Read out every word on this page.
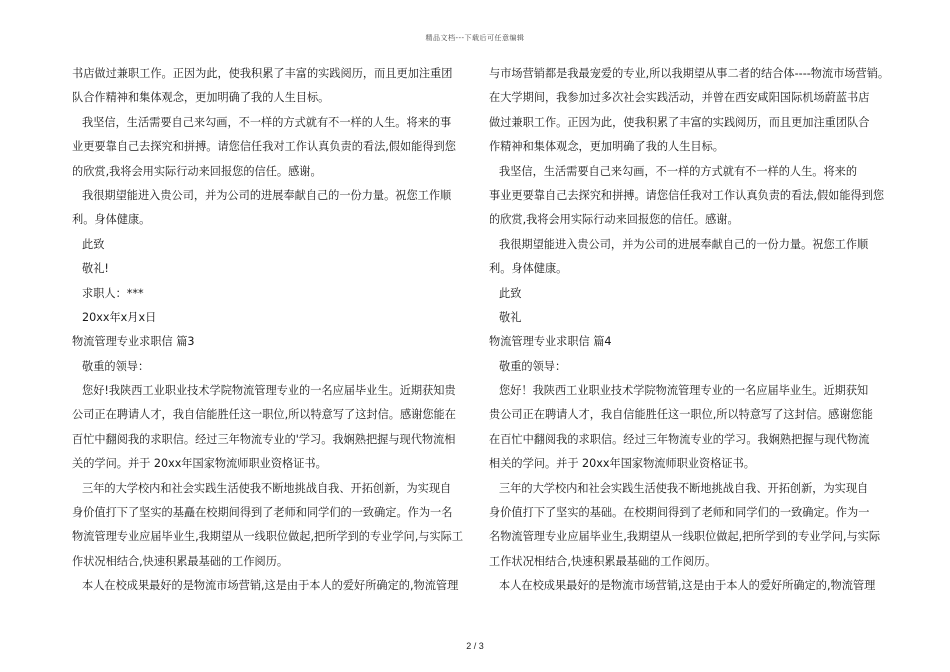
精品文档---下载后可任意编辑
书店做过兼职工作。正因为此，使我积累了丰富的实践阅历，而且更加注重团
队合作精神和集体观念，更加明确了我的人生目标。
我坚信，生活需要自己来勾画，不一样的方式就有不一样的人生。将来的事
业更要靠自己去探究和拼搏。请您信任我对工作认真负责的看法,假如能得到您
的欣赏,我将会用实际行动来回报您的信任。感谢。
我很期望能进入贵公司，并为公司的进展奉献自己的一份力量。祝您工作顺
利。身体健康。
此致
敬礼!
求职人：***
20xx年x月x日
物流管理专业求职信 篇3
敬重的领导：
您好!我陕西工业职业技术学院物流管理专业的一名应届毕业生。近期获知贵
公司正在聘请人才，我自信能胜任这一职位,所以特意写了这封信。感谢您能在
百忙中翻阅我的求职信。经过三年物流专业的'学习。我娴熟把握与现代物流相
关的学问。并于 20xx年国家物流师职业资格证书。
三年的大学校内和社会实践生活使我不断地挑战自我、开拓创新，为实现自
身价值打下了坚实的基矗在校期间得到了老师和同学们的一致确定。作为一名
物流管理专业应届毕业生,我期望从一线职位做起,把所学到的专业学问,与实际工
作状况相结合,快速积累最基础的工作阅历。
本人在校成果最好的是物流市场营销,这是由于本人的爱好所确定的,物流管理
与市场营销都是我最宠爱的专业,所以我期望从事二者的结合体----物流市场营销。
在大学期间，我参加过多次社会实践活动，并曾在西安咸阳国际机场蔚蓝书店
做过兼职工作。正因为此，使我积累了丰富的实践阅历，而且更加注重团队合
作精神和集体观念，更加明确了我的人生目标。
我坚信，生活需要自己来勾画，不一样的方式就有不一样的人生。将来的
事业更要靠自己去探究和拼搏。请您信任我对工作认真负责的看法,假如能得到您
的欣赏,我将会用实际行动来回报您的信任。感谢。
我很期望能进入贵公司，并为公司的进展奉献自己的一份力量。祝您工作顺
利。身体健康。
此致
敬礼
物流管理专业求职信 篇4
敬重的领导：
您好！我陕西工业职业技术学院物流管理专业的一名应届毕业生。近期获知
贵公司正在聘请人才，我自信能胜任这一职位,所以特意写了这封信。感谢您能
在百忙中翻阅我的求职信。经过三年物流专业的学习。我娴熟把握与现代物流
相关的学问。并于 20xx年国家物流师职业资格证书。
三年的大学校内和社会实践生活使我不断地挑战自我、开拓创新，为实现自
身价值打下了坚实的基础。在校期间得到了老师和同学们的一致确定。作为一
名物流管理专业应届毕业生,我期望从一线职位做起,把所学到的专业学问,与实际
工作状况相结合,快速积累最基础的工作阅历。
本人在校成果最好的是物流市场营销,这是由于本人的爱好所确定的,物流管理
2 / 3
